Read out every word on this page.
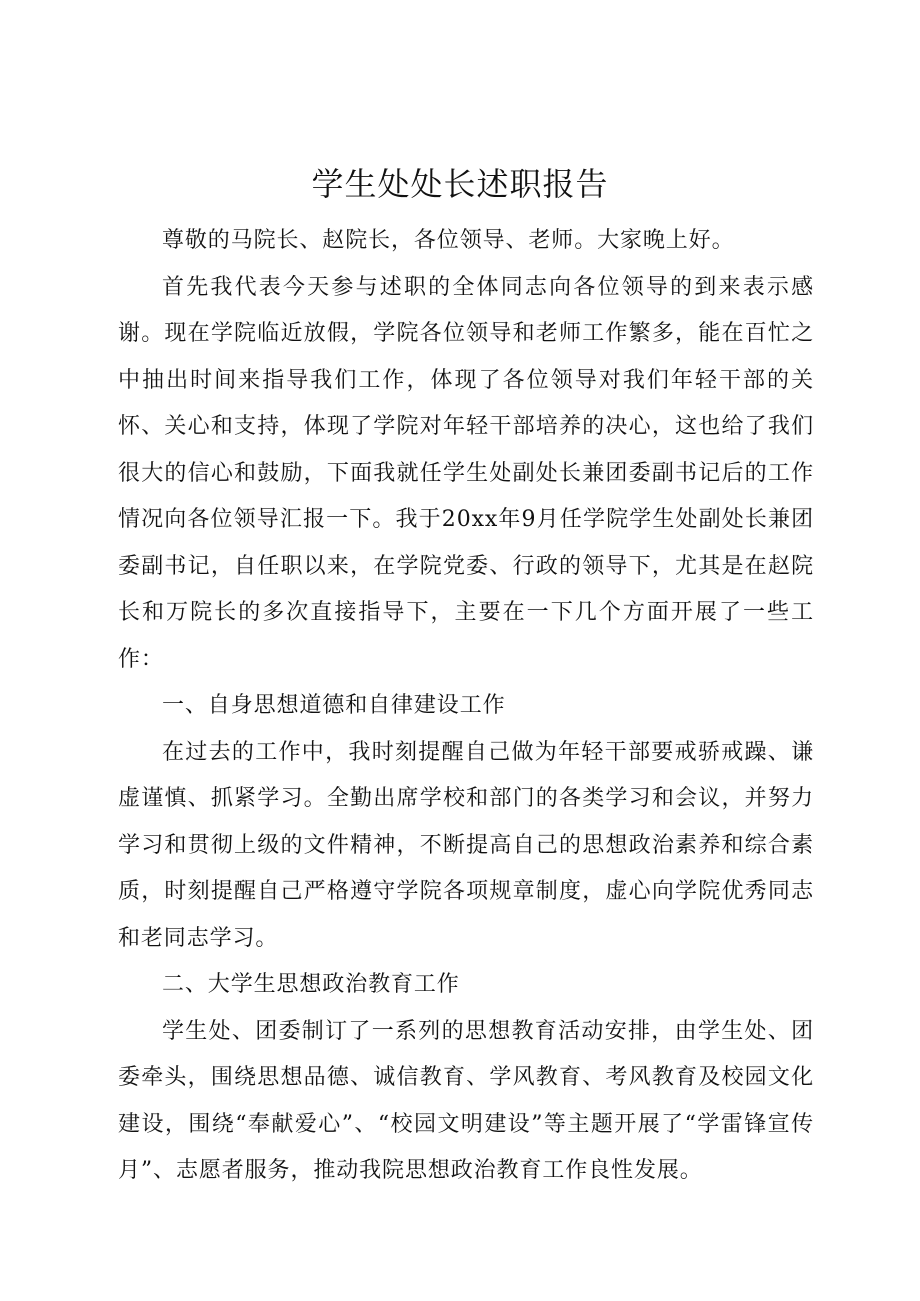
学生处处长述职报告

尊敬的马院长、赵院长，各位领导、老师。大家晚上好。

首先我代表今天参与述职的全体同志向各位领导的到来表示感谢。现在学院临近放假，学院各位领导和老师工作繁多，能在百忙之中抽出时间来指导我们工作，体现了各位领导对我们年轻干部的关怀、关心和支持，体现了学院对年轻干部培养的决心，这也给了我们很大的信心和鼓励，下面我就任学生处副处长兼团委副书记后的工作情况向各位领导汇报一下。我于20xx年9月任学院学生处副处长兼团委副书记，自任职以来，在学院党委、行政的领导下，尤其是在赵院长和万院长的多次直接指导下，主要在一下几个方面开展了一些工作：

一、自身思想道德和自律建设工作

在过去的工作中，我时刻提醒自己做为年轻干部要戒骄戒躁、谦虚谨慎、抓紧学习。全勤出席学校和部门的各类学习和会议，并努力学习和贯彻上级的文件精神，不断提高自己的思想政治素养和综合素质，时刻提醒自己严格遵守学院各项规章制度，虚心向学院优秀同志和老同志学习。

二、大学生思想政治教育工作

学生处、团委制订了一系列的思想教育活动安排，由学生处、团委牵头，围绕思想品德、诚信教育、学风教育、考风教育及校园文化建设，围绕“奉献爱心”、“校园文明建设”等主题开展了“学雷锋宣传月”、志愿者服务，推动我院思想政治教育工作良性发展。
